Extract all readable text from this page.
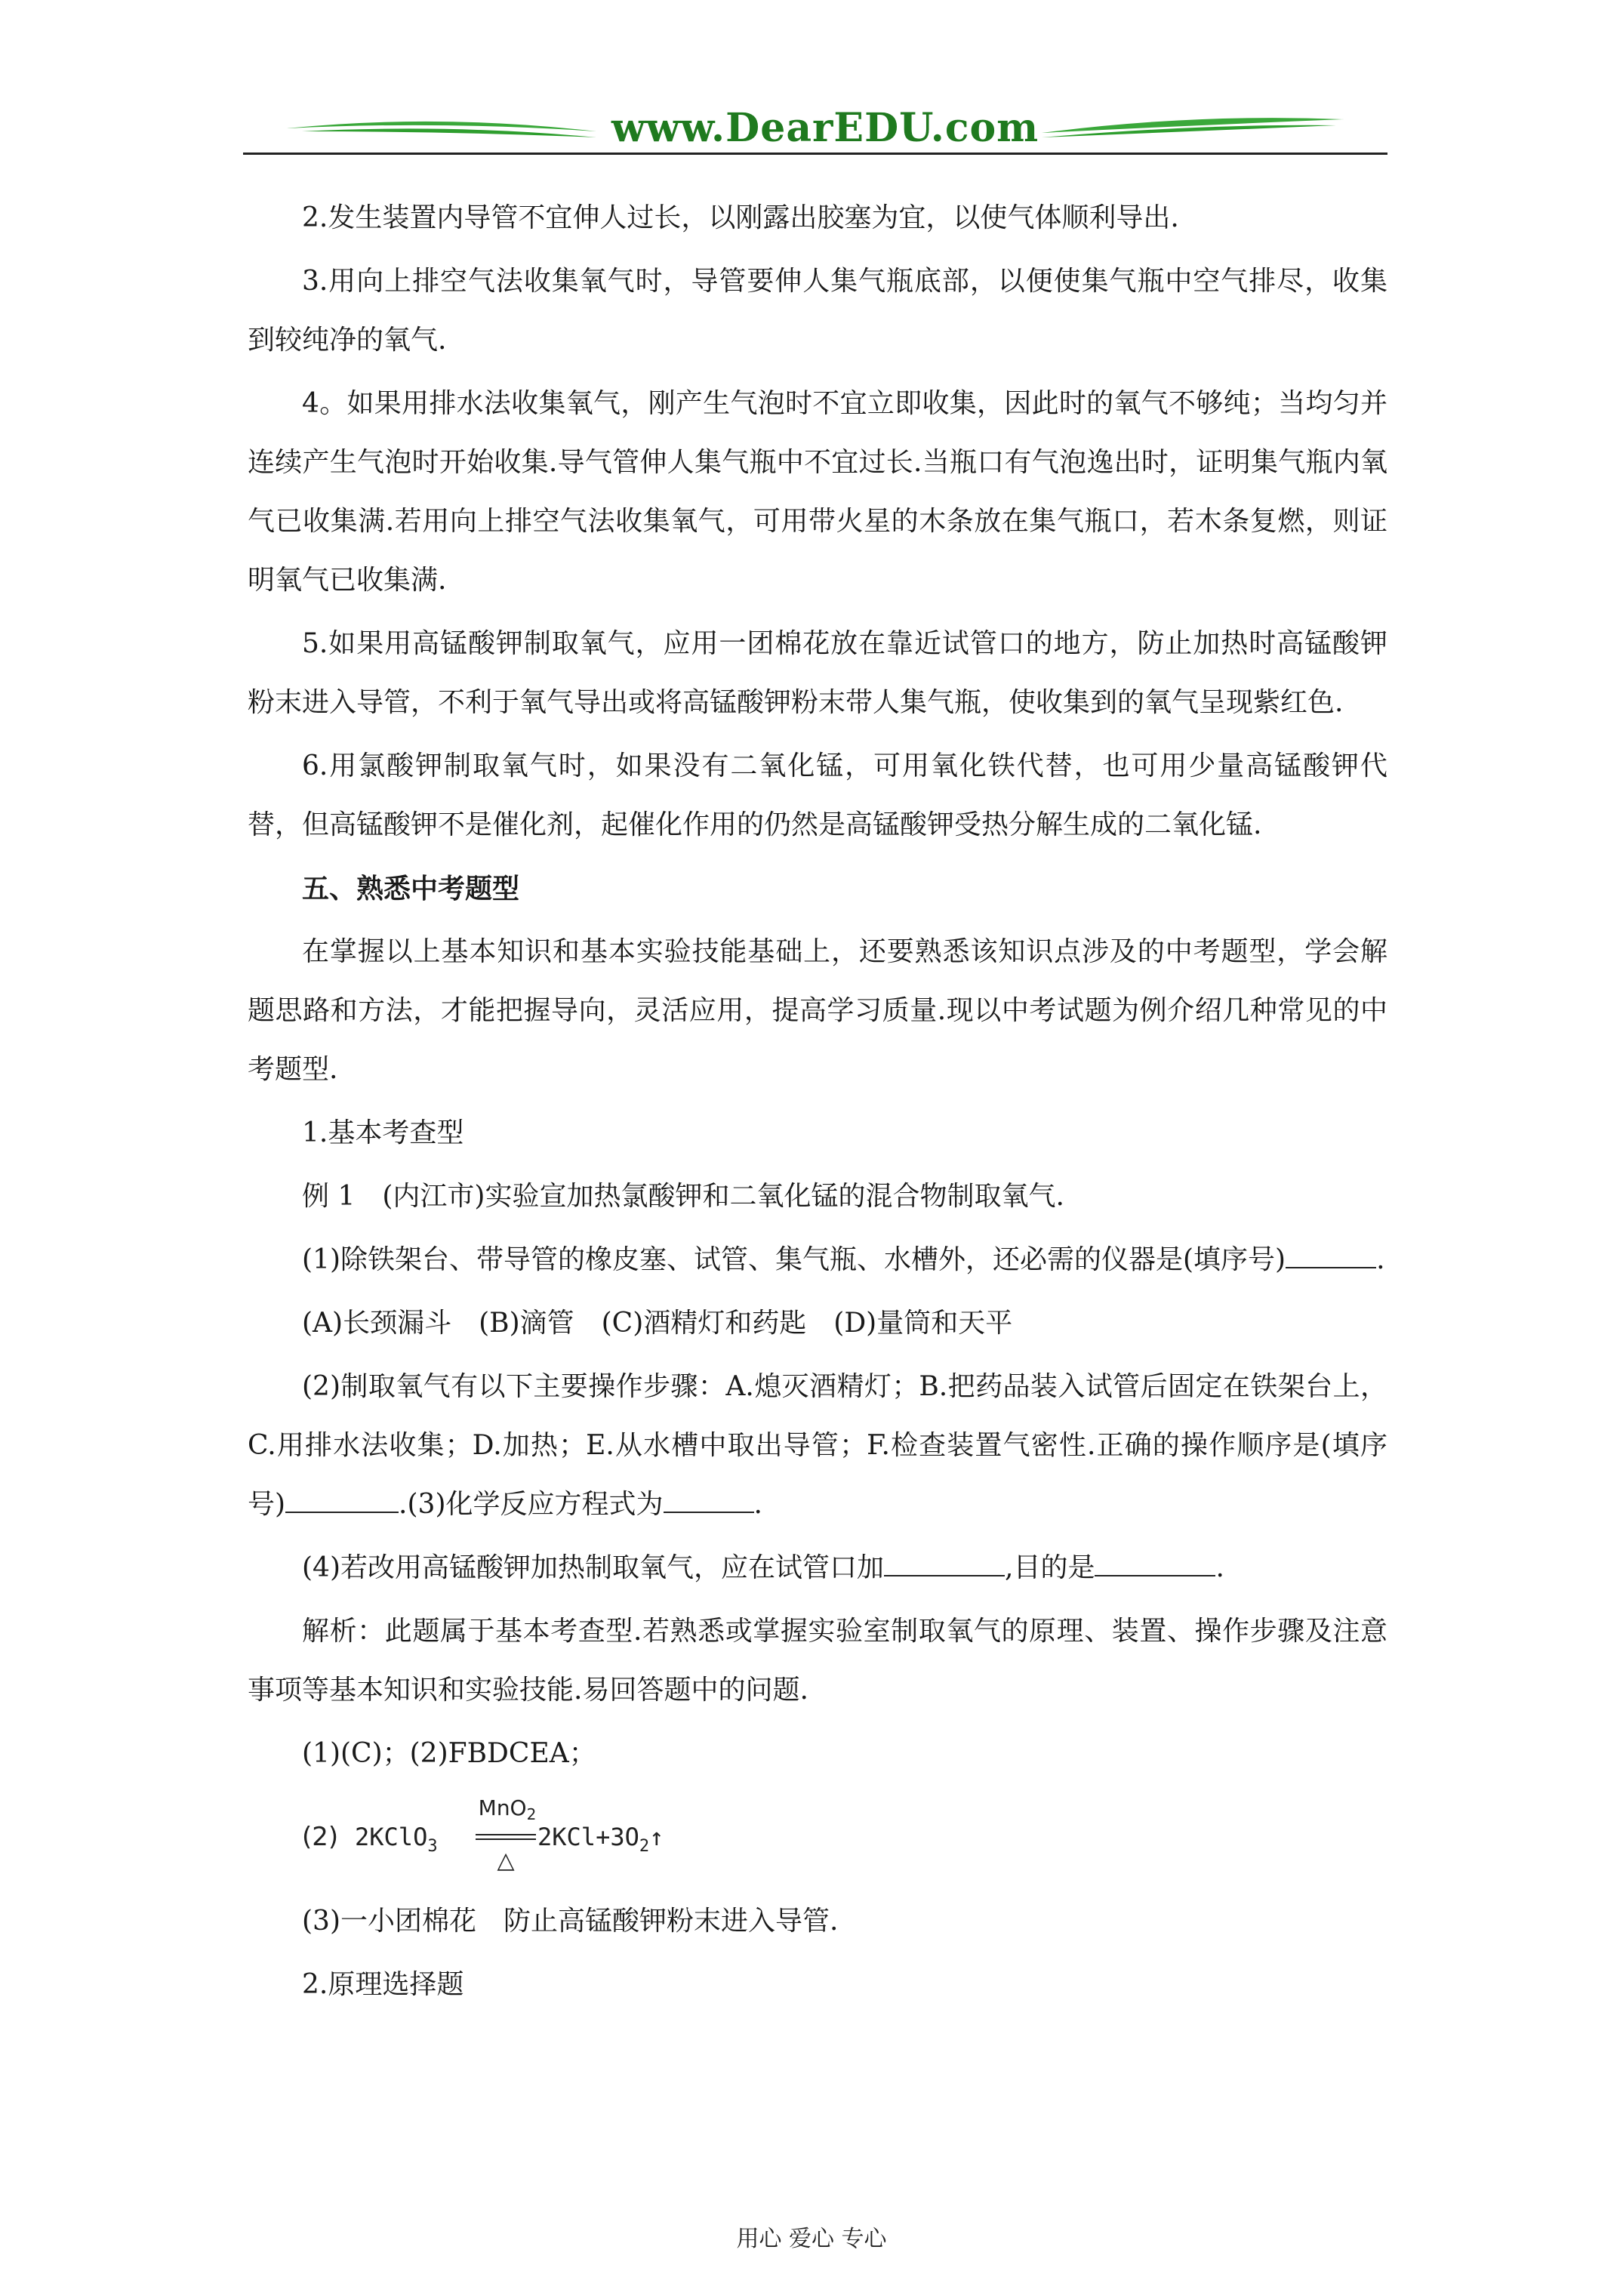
www.DearEDU.com

2.发生装置内导管不宜伸人过长，以刚露出胶塞为宜，以使气体顺利导出.

3.用向上排空气法收集氧气时，导管要伸人集气瓶底部，以便使集气瓶中空气排尽，收集到较纯净的氧气.

4。如果用排水法收集氧气，刚产生气泡时不宜立即收集，因此时的氧气不够纯；当均匀并连续产生气泡时开始收集.导气管伸人集气瓶中不宜过长.当瓶口有气泡逸出时，证明集气瓶内氧气已收集满.若用向上排空气法收集氧气，可用带火星的木条放在集气瓶口，若木条复燃，则证明氧气已收集满.

5.如果用高锰酸钾制取氧气，应用一团棉花放在靠近试管口的地方，防止加热时高锰酸钾粉末进入导管，不利于氧气导出或将高锰酸钾粉末带人集气瓶，使收集到的氧气呈现紫红色.

6.用氯酸钾制取氧气时，如果没有二氧化锰，可用氧化铁代替，也可用少量高锰酸钾代替，但高锰酸钾不是催化剂，起催化作用的仍然是高锰酸钾受热分解生成的二氧化锰.

五、熟悉中考题型

在掌握以上基本知识和基本实验技能基础上，还要熟悉该知识点涉及的中考题型，学会解题思路和方法，才能把握导向，灵活应用，提高学习质量.现以中考试题为例介绍几种常见的中考题型.

1.基本考查型

例 1　(内江市)实验宣加热氯酸钾和二氧化锰的混合物制取氧气.

(1)除铁架台、带导管的橡皮塞、试管、集气瓶、水槽外，还必需的仪器是(填序号)	.

(A)长颈漏斗　(B)滴管　(C)酒精灯和药匙　(D)量筒和天平

(2)制取氧气有以下主要操作步骤：A.熄灭酒精灯；B.把药品装入试管后固定在铁架台上，C.用排水法收集；D.加热；E.从水槽中取出导管；F.检查装置气密性.正确的操作顺序是(填序号)	.(3)化学反应方程式为	.

(4)若改用高锰酸钾加热制取氧气，应在试管口加	,目的是	.

解析：此题属于基本考查型.若熟悉或掌握实验室制取氧气的原理、装置、操作步骤及注意事项等基本知识和实验技能.易回答题中的问题.

(1)(C)；(2)FBDCEA；

(2) 2KClO$_3$
MnO$_2$
△
$2KCl+3O_2↑$

(3)一小团棉花　防止高锰酸钾粉末进入导管.

2.原理选择题

用心 爱心 专心
